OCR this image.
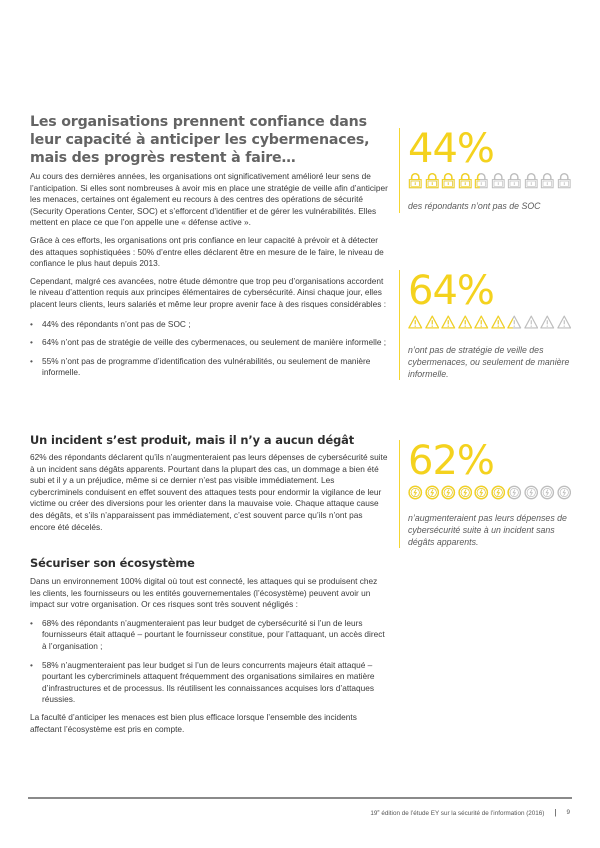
Les organisations prennent confiance dans leur capacité à anticiper les cybermenaces, mais des progrès restent à faire…

Au cours des dernières années, les organisations ont significativement amélioré leur sens de l’anticipation. Si elles sont nombreuses à avoir mis en place une stratégie de veille afin d’anticiper les menaces, certaines ont également eu recours à des centres des opérations de sécurité (Security Operations Center, SOC) et s’efforcent d’identifier et de gérer les vulnérabilités. Elles mettent en place ce que l’on appelle une « défense active ».

Grâce à ces efforts, les organisations ont pris confiance en leur capacité à prévoir et à détecter des attaques sophistiquées : 50% d’entre elles déclarent être en mesure de le faire, le niveau de confiance le plus haut depuis 2013.

Cependant, malgré ces avancées, notre étude démontre que trop peu d’organisations accordent le niveau d’attention requis aux principes élémentaires de cybersécurité. Ainsi chaque jour, elles placent leurs clients, leurs salariés et même leur propre avenir face à des risques considérables :

• 44% des répondants n’ont pas de SOC ;
• 64% n’ont pas de stratégie de veille des cybermenaces, ou seulement de manière informelle ;
• 55% n’ont pas de programme d’identification des vulnérabilités, ou seulement de manière informelle.
Un incident s’est produit, mais il n’y a aucun dégât

62% des répondants déclarent qu’ils n’augmenteraient pas leurs dépenses de cybersécurité suite à un incident sans dégâts apparents. Pourtant dans la plupart des cas, un dommage a bien été subi et il y a un préjudice, même si ce dernier n’est pas visible immédiatement. Les cybercriminels conduisent en effet souvent des attaques tests pour endormir la vigilance de leur victime ou créer des diversions pour les orienter dans la mauvaise voie. Chaque attaque cause des dégâts, et s’ils n’apparaissent pas immédiatement, c’est souvent parce qu’ils n’ont pas encore été décelés.

Sécuriser son écosystème

Dans un environnement 100% digital où tout est connecté, les attaques qui se produisent chez les clients, les fournisseurs ou les entités gouvernementales (l’écosystème) peuvent avoir un impact sur votre organisation. Or ces risques sont très souvent négligés :

• 68% des répondants n’augmenteraient pas leur budget de cybersécurité si l’un de leurs fournisseurs était attaqué – pourtant le fournisseur constitue, pour l’attaquant, un accès direct à l’organisation ;
• 58% n’augmenteraient pas leur budget si l’un de leurs concurrents majeurs était attaqué – pourtant les cybercriminels attaquent fréquemment des organisations similaires en matière d’infrastructures et de processus. Ils réutilisent les connaissances acquises lors d’attaques réussies.

La faculté d’anticiper les menaces est bien plus efficace lorsque l’ensemble des incidents affectant l’écosystème est pris en compte.

44%
des répondants n’ont pas de SOC
64%
n’ont pas de stratégie de veille des cybermenaces, ou seulement de manière informelle.
62%
n’augmenteraient pas leurs dépenses de cybersécurité suite à un incident sans dégâts apparents.
19e édition de l’étude EY sur la sécurité de l’information (2016) | 9
